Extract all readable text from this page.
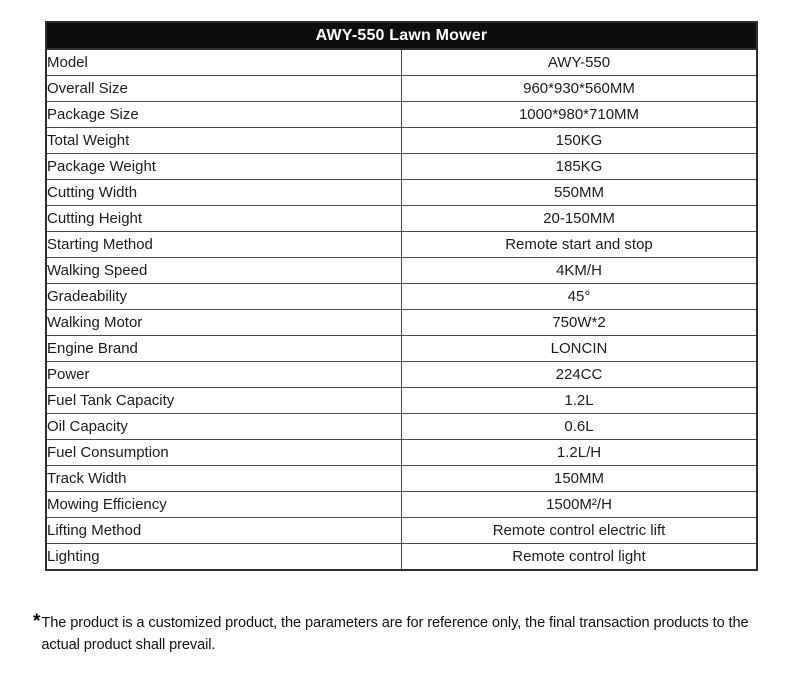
AWY-550 Lawn Mower	
Model	AWY-550
Overall Size	960*930*560MM
Package Size	1000*980*710MM
Total Weight	150KG
Package Weight	185KG
Cutting Width	550MM
Cutting Height	20-150MM
Starting Method	Remote start and stop
Walking Speed	4KM/H
Gradeability	45°
Walking Motor	750W*2
Engine Brand	LONCIN
Power	224CC
Fuel Tank Capacity	1.2L
Oil Capacity	0.6L
Fuel Consumption	1.2L/H
Track Width	150MM
Mowing Efficiency	1500M²/H
Lifting Method	Remote control electric lift
Lighting	Remote control light
* The product is a customized product, the parameters are for reference only, the final transaction products to the actual product shall prevail.
